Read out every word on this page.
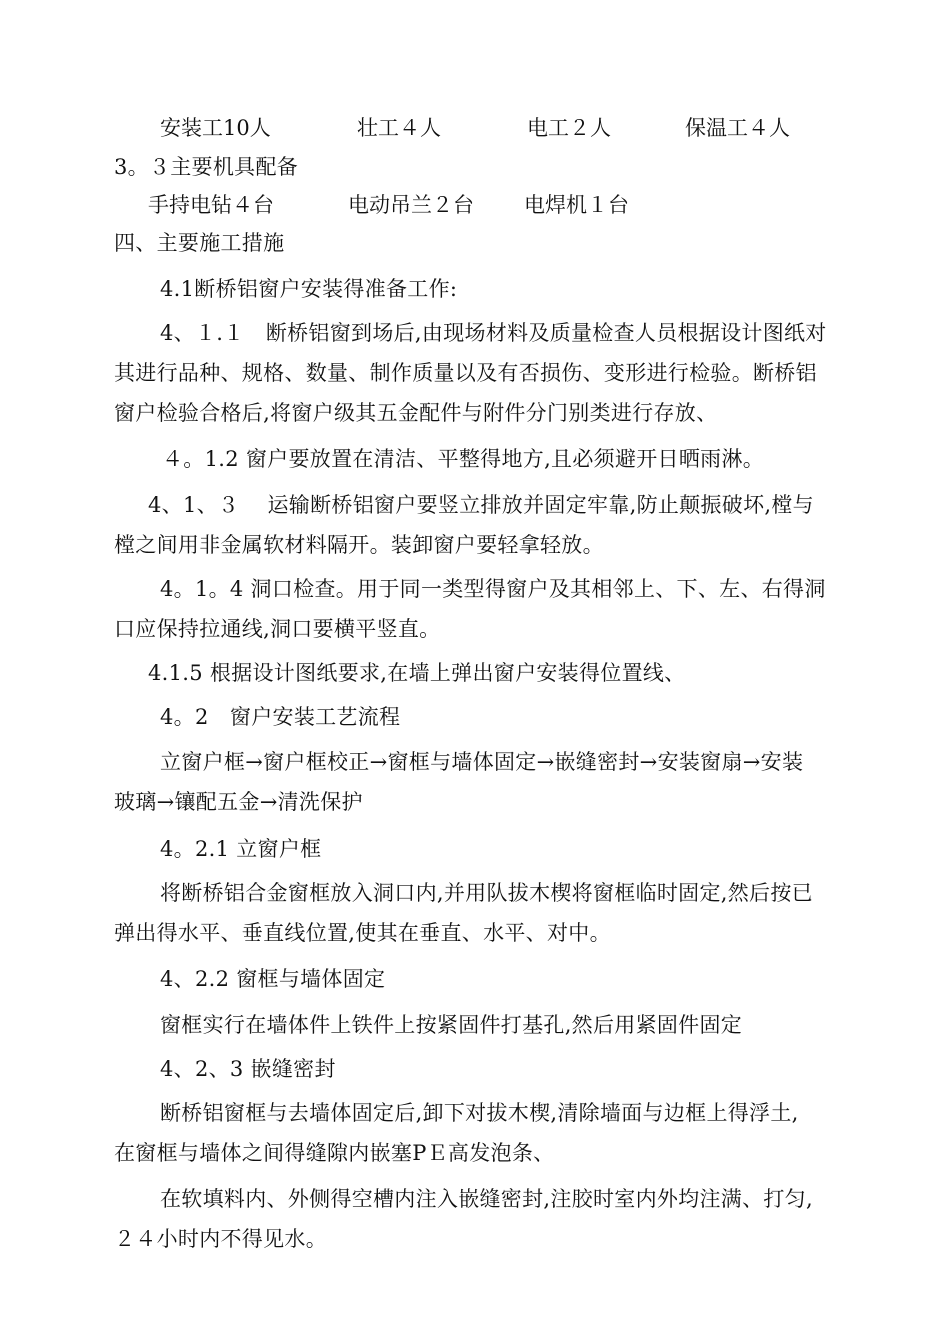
安装工10人	壮工４人	电工２人	保温工４人
3。３主要机具配备
手持电钻４台	电动吊兰２台 电焊机１台
四、主要施工措施
4.1断桥铝窗户安装得准备工作:
4、１.１　断桥铝窗到场后,由现场材料及质量检查人员根据设计图纸对
其进行品种、规格、数量、制作质量以及有否损伤、变形进行检验。断桥铝
窗户检验合格后,将窗户级其五金配件与附件分门别类进行存放、
４。1.2 窗户要放置在清洁、平整得地方,且必须避开日晒雨淋。
4、1、３　 运输断桥铝窗户要竖立排放并固定牢靠,防止颠振破坏,樘与
樘之间用非金属软材料隔开。装卸窗户要轻拿轻放。
4。1。4 洞口检查。用于同一类型得窗户及其相邻上、下、左、右得洞
口应保持拉通线,洞口要横平竖直。
4.1.5 根据设计图纸要求,在墙上弹出窗户安装得位置线、
4。2　窗户安装工艺流程
立窗户框→窗户框校正→窗框与墙体固定→嵌缝密封→安装窗扇→安装
玻璃→镶配五金→清洗保护
4。2.1 立窗户框
将断桥铝合金窗框放入洞口内,并用队拔木楔将窗框临时固定,然后按已
弹出得水平、垂直线位置,使其在垂直、水平、对中。
4、2.2 窗框与墙体固定
窗框实行在墙体件上铁件上按紧固件打基孔,然后用紧固件固定
4、2、3 嵌缝密封
断桥铝窗框与去墙体固定后,卸下对拔木楔,清除墙面与边框上得浮土,
在窗框与墙体之间得缝隙内嵌塞PＥ高发泡条、
在软填料内、外侧得空槽内注入嵌缝密封,注胶时室内外均注满、打匀,
２４小时内不得见水。
